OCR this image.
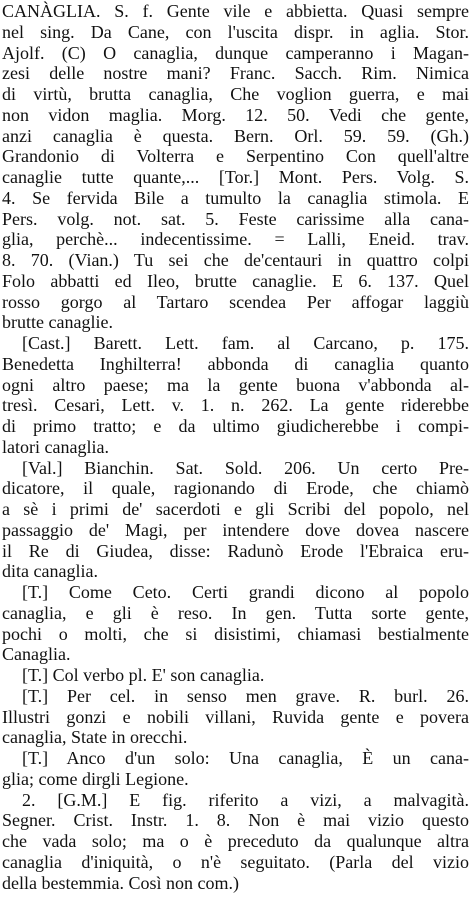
CANÀGLIA. S. f. Gente vile e abbietta. Quasi sempre
nel sing. Da Cane, con l'uscita dispr. in aglia. Stor.
Ajolf. (C) O canaglia, dunque camperanno i Magan-
zesi delle nostre mani? Franc. Sacch. Rim. Nimica
di virtù, brutta canaglia, Che voglion guerra, e mai
non vidon maglia. Morg. 12. 50. Vedi che gente,
anzi canaglia è questa. Bern. Orl. 59. 59. (Gh.)
Grandonio di Volterra e Serpentino Con quell'altre
canaglie tutte quante,... [Tor.] Mont. Pers. Volg. S.
4. Se fervida Bile a tumulto la canaglia stimola. E
Pers. volg. not. sat. 5. Feste carissime alla cana-
glia, perchè... indecentissime. = Lalli, Eneid. trav.
8. 70. (Vian.) Tu sei che de'centauri in quattro colpi
Folo abbatti ed Ileo, brutte canaglie. E 6. 137. Quel
rosso gorgo al Tartaro scendea Per affogar laggiù
brutte canaglie.
[Cast.] Barett. Lett. fam. al Carcano, p. 175.
Benedetta Inghilterra! abbonda di canaglia quanto
ogni altro paese; ma la gente buona v'abbonda al-
tresì. Cesari, Lett. v. 1. n. 262. La gente riderebbe
di primo tratto; e da ultimo giudicherebbe i compi-
latori canaglia.
[Val.] Bianchin. Sat. Sold. 206. Un certo Pre-
dicatore, il quale, ragionando di Erode, che chiamò
a sè i primi de' sacerdoti e gli Scribi del popolo, nel
passaggio de' Magi, per intendere dove dovea nascere
il Re di Giudea, disse: Radunò Erode l'Ebraica eru-
dita canaglia.
[T.] Come Ceto. Certi grandi dicono al popolo
canaglia, e gli è reso. In gen. Tutta sorte gente,
pochi o molti, che si disistimi, chiamasi bestialmente
Canaglia.
[T.] Col verbo pl. E' son canaglia.
[T.] Per cel. in senso men grave. R. burl. 26.
Illustri gonzi e nobili villani, Ruvida gente e povera
canaglia, State in orecchi.
[T.] Anco d'un solo: Una canaglia, È un cana-
glia; come dirgli Legione.
2. [G.M.] E fig. riferito a vizi, a malvagità.
Segner. Crist. Instr. 1. 8. Non è mai vizio questo
che vada solo; ma o è preceduto da qualunque altra
canaglia d'iniquità, o n'è seguitato. (Parla del vizio
della bestemmia. Così non com.)
